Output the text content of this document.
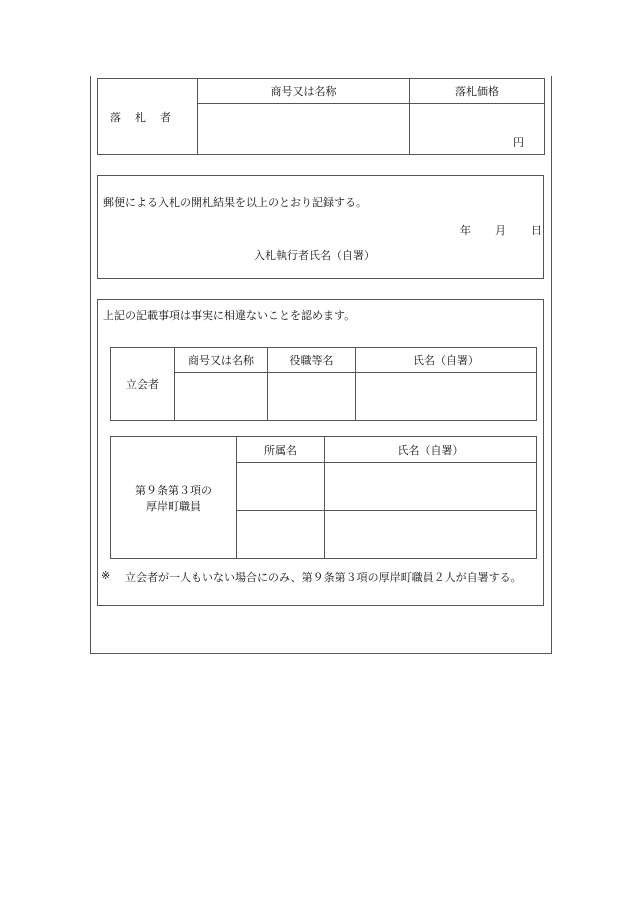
落札者	商号又は名称	落札価格
		円
郵便による入札の開札結果を以上のとおり記録する。
年 月 日
入札執行者氏名（自署）
上記の記載事項は事実に相違ないことを認めます。
※ 立会者が一人もいない場合にのみ、第９条第３項の厚岸町職員２人が自署する。
立会者	商号又は名称	役職等名	氏名（自署）

第９条第３項の
厚岸町職員	所属名	氏名（自署）
